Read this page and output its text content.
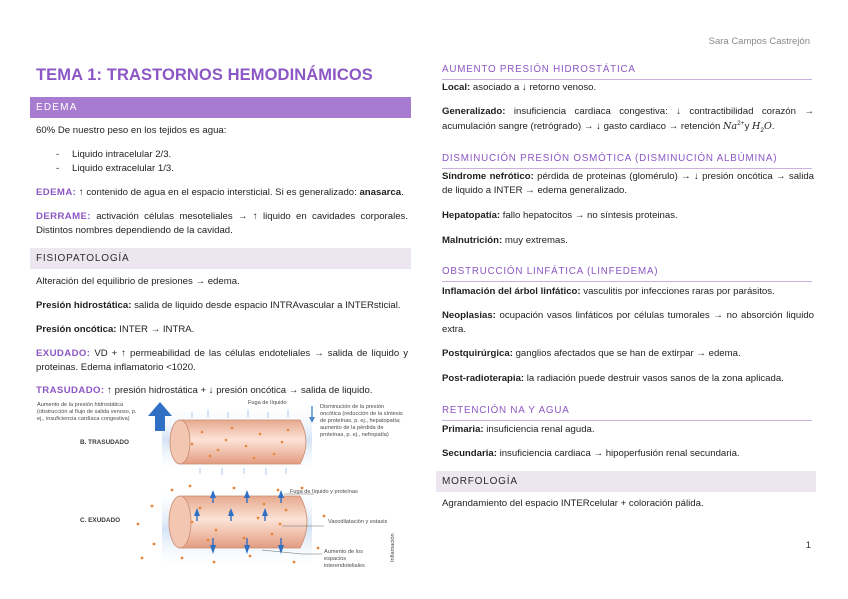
Sara Campos Castrejón
TEMA 1: TRASTORNOS HEMODINÁMICOS
EDEMA
60% De nuestro peso en los tejidos es agua:
- Liquido intracelular 2/3.
- Liquido extracelular 1/3.
EDEMA: ↑ contenido de agua en el espacio intersticial. Si es generalizado: anasarca.
DERRAME: activación células mesoteliales → ↑ liquido en cavidades corporales. Distintos nombres dependiendo de la cavidad.
FISIOPATOLOGÍA
Alteración del equilibrio de presiones → edema.
Presión hidrostática: salida de liquido desde espacio INTRAvascular a INTERsticial.
Presión oncótica: INTER → INTRA.
EXUDADO: VD + ↑ permeabilidad de las células endoteliales → salida de liquido y proteinas. Edema inflamatorio <1020.
TRASUDADO: ↑ presión hidrostática + ↓ presión oncótica → salida de liquido.
Aumento de la presión hidrostática (obstrucción al flujo de salida venoso, p. ej., insuficiencia cardíaca congestiva)
Fuga de líquido
Disminución de la presión oncótica (reducción de la síntesis de proteínas, p. ej., hepatopatía; aumento de la pérdida de proteínas, p. ej., nefropatía)
B. TRASUDADO
Fuga de líquido y proteínas
C. EXUDADO	Vasodilatación y estasis
Aumento de los espacios interendoteliales
Inflamación
AUMENTO PRESIÓN HIDROSTÁTICA
Local: asociado a ↓ retorno venoso.
Generalizado: insuficiencia cardiaca congestiva: ↓ contractibilidad corazón → acumulación sangre (retrógrado) → ↓ gasto cardiaco → retención $Na^{2+}y$ $H_2O$.
DISMINUCIÓN PRESIÓN OSMÓTICA (DISMINUCIÓN ALBÚMINA)
Síndrome nefrótico: pérdida de proteinas (glomérulo) → ↓ presión oncótica → salida de liquido a INTER → edema generalizado.
Hepatopatía: fallo hepatocitos → no síntesis proteinas.
Malnutrición: muy extremas.
OBSTRUCCIÓN LINFÁTICA (LINFEDEMA)
Inflamación del árbol linfático: vasculitis por infecciones raras por parásitos.
Neoplasias: ocupación vasos linfáticos por células tumorales → no absorción liquido extra.
Postquirúrgica: ganglios afectados que se han de extirpar → edema.
Post-radioterapia: la radiación puede destruir vasos sanos de la zona aplicada.
RETENCIÓN NA Y AGUA
Primaria: insuficiencia renal aguda.
Secundaria: insuficiencia cardiaca → hipoperfusión renal secundaria.
MORFOLOGÍA
Agrandamiento del espacio INTERcelular + coloración pálida.
1
